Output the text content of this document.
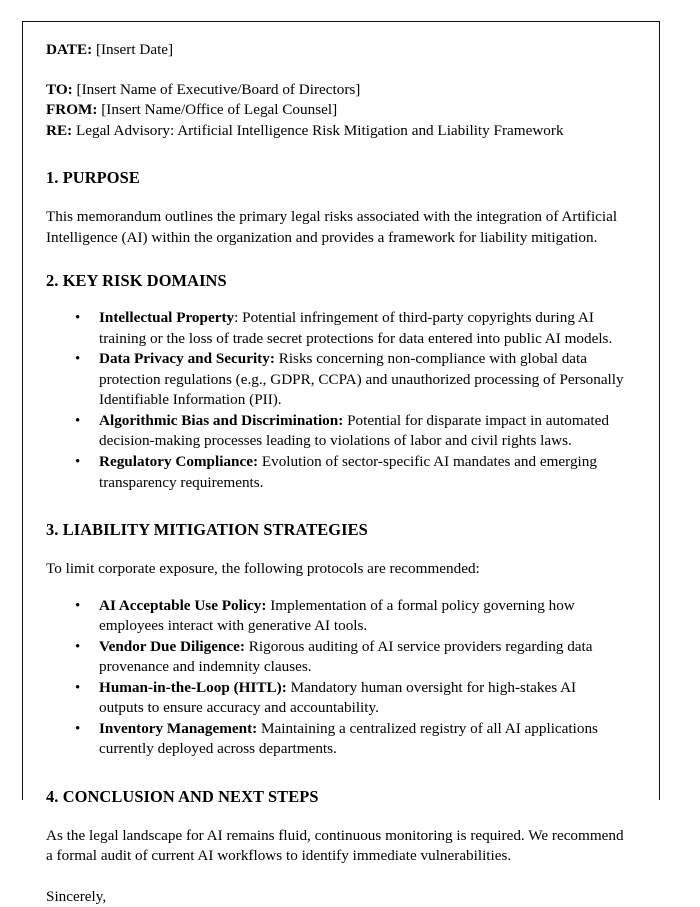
DATE: [Insert Date]

TO: [Insert Name of Executive/Board of Directors]

FROM: [Insert Name/Office of Legal Counsel]

RE: Legal Advisory: Artificial Intelligence Risk Mitigation and Liability Framework

1. PURPOSE

This memorandum outlines the primary legal risks associated with the integration of Artificial Intelligence (AI) within the organization and provides a framework for liability mitigation.

2. KEY RISK DOMAINS
• Intellectual Property: Potential infringement of third-party copyrights during AI training or the loss of trade secret protections for data entered into public AI models.
• Data Privacy and Security: Risks concerning non-compliance with global data protection regulations (e.g., GDPR, CCPA) and unauthorized processing of Personally Identifiable Information (PII).
• Algorithmic Bias and Discrimination: Potential for disparate impact in automated decision-making processes leading to violations of labor and civil rights laws.
• Regulatory Compliance: Evolution of sector-specific AI mandates and emerging transparency requirements.
3. LIABILITY MITIGATION STRATEGIES

To limit corporate exposure, the following protocols are recommended:

• AI Acceptable Use Policy: Implementation of a formal policy governing how employees interact with generative AI tools.
• Vendor Due Diligence: Rigorous auditing of AI service providers regarding data provenance and indemnity clauses.
• Human-in-the-Loop (HITL): Mandatory human oversight for high-stakes AI outputs to ensure accuracy and accountability.
• Inventory Management: Maintaining a centralized registry of all AI applications currently deployed across departments.
4. CONCLUSION AND NEXT STEPS

As the legal landscape for AI remains fluid, continuous monitoring is required. We recommend a formal audit of current AI workflows to identify immediate vulnerabilities.

Sincerely,
